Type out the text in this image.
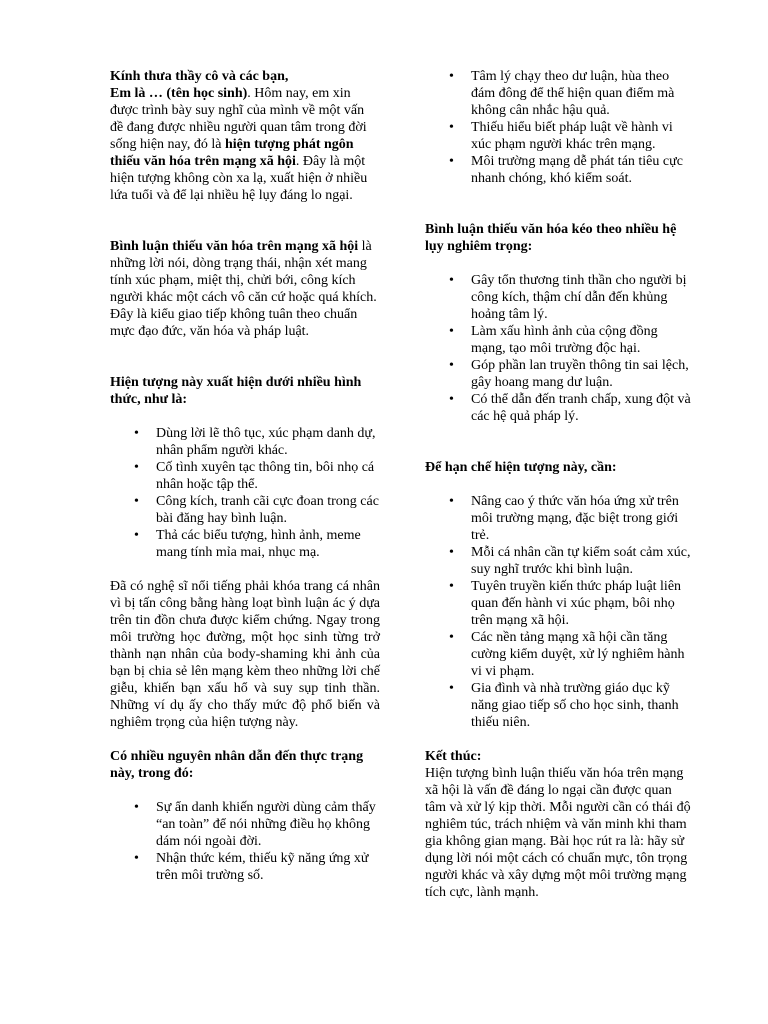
Kính thưa thầy cô và các bạn,
Em là … (tên học sinh). Hôm nay, em xin được trình bày suy nghĩ của mình về một vấn đề đang được nhiều người quan tâm trong đời sống hiện nay, đó là hiện tượng phát ngôn thiếu văn hóa trên mạng xã hội. Đây là một hiện tượng không còn xa lạ, xuất hiện ở nhiều lứa tuổi và để lại nhiều hệ lụy đáng lo ngại.

Bình luận thiếu văn hóa trên mạng xã hội là những lời nói, dòng trạng thái, nhận xét mang tính xúc phạm, miệt thị, chửi bới, công kích người khác một cách vô căn cứ hoặc quá khích. Đây là kiểu giao tiếp không tuân theo chuẩn mực đạo đức, văn hóa và pháp luật.

Hiện tượng này xuất hiện dưới nhiều hình thức, như là:

• Dùng lời lẽ thô tục, xúc phạm danh dự, nhân phẩm người khác.
• Cố tình xuyên tạc thông tin, bôi nhọ cá nhân hoặc tập thể.
• Công kích, tranh cãi cực đoan trong các bài đăng hay bình luận.
• Thả các biểu tượng, hình ảnh, meme mang tính mỉa mai, nhục mạ.

Đã có nghệ sĩ nổi tiếng phải khóa trang cá nhân vì bị tấn công bằng hàng loạt bình luận ác ý dựa trên tin đồn chưa được kiểm chứng. Ngay trong môi trường học đường, một học sinh từng trở thành nạn nhân của body-shaming khi ảnh của bạn bị chia sẻ lên mạng kèm theo những lời chế giễu, khiến bạn xấu hổ và suy sụp tinh thần. Những ví dụ ấy cho thấy mức độ phổ biến và nghiêm trọng của hiện tượng này.

Có nhiều nguyên nhân dẫn đến thực trạng này, trong đó:

• Sự ẩn danh khiến người dùng cảm thấy “an toàn” để nói những điều họ không dám nói ngoài đời.
• Nhận thức kém, thiếu kỹ năng ứng xử trên môi trường số.
• Tâm lý chạy theo dư luận, hùa theo đám đông để thể hiện quan điểm mà không cân nhắc hậu quả.
• Thiếu hiểu biết pháp luật về hành vi xúc phạm người khác trên mạng.
• Môi trường mạng dễ phát tán tiêu cực nhanh chóng, khó kiểm soát.

Bình luận thiếu văn hóa kéo theo nhiều hệ lụy nghiêm trọng:

• Gây tổn thương tinh thần cho người bị công kích, thậm chí dẫn đến khủng hoảng tâm lý.
• Làm xấu hình ảnh của cộng đồng mạng, tạo môi trường độc hại.
• Góp phần lan truyền thông tin sai lệch, gây hoang mang dư luận.
• Có thể dẫn đến tranh chấp, xung đột và các hệ quả pháp lý.

Để hạn chế hiện tượng này, cần:

• Nâng cao ý thức văn hóa ứng xử trên môi trường mạng, đặc biệt trong giới trẻ.
• Mỗi cá nhân cần tự kiểm soát cảm xúc, suy nghĩ trước khi bình luận.
• Tuyên truyền kiến thức pháp luật liên quan đến hành vi xúc phạm, bôi nhọ trên mạng xã hội.
• Các nền tảng mạng xã hội cần tăng cường kiểm duyệt, xử lý nghiêm hành vi vi phạm.
• Gia đình và nhà trường giáo dục kỹ năng giao tiếp số cho học sinh, thanh thiếu niên.

Kết thúc:

Hiện tượng bình luận thiếu văn hóa trên mạng xã hội là vấn đề đáng lo ngại cần được quan tâm và xử lý kịp thời. Mỗi người cần có thái độ nghiêm túc, trách nhiệm và văn minh khi tham gia không gian mạng. Bài học rút ra là: hãy sử dụng lời nói một cách có chuẩn mực, tôn trọng người khác và xây dựng một môi trường mạng tích cực, lành mạnh.
